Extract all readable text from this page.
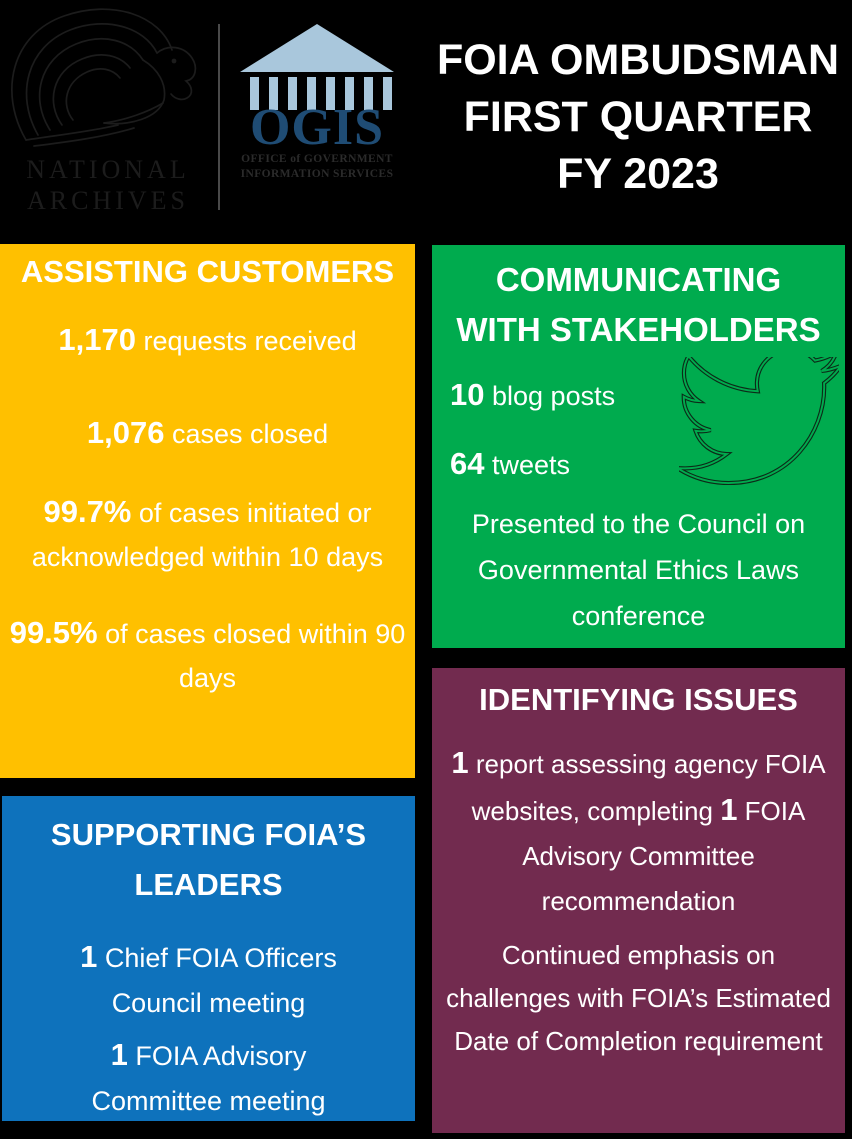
NATIONAL
ARCHIVES
OGIS
OFFICE of GOVERNMENT
INFORMATION SERVICES
FOIA OMBUDSMAN
FIRST QUARTER
FY 2023
ASSISTING CUSTOMERS

1,170 requests received

1,076 cases closed

99.7% of cases initiated or acknowledged within 10 days

99.5% of cases closed within 90 days

COMMUNICATING
WITH STAKEHOLDERS

10 blog posts

64 tweets

Presented to the Council on Governmental Ethics Laws conference

SUPPORTING FOIA’S LEADERS

1 Chief FOIA Officers Council meeting

1 FOIA Advisory Committee meeting

IDENTIFYING ISSUES

1 report assessing agency FOIA websites, completing 1 FOIA Advisory Committee recommendation

Continued emphasis on challenges with FOIA’s Estimated Date of Completion requirement
